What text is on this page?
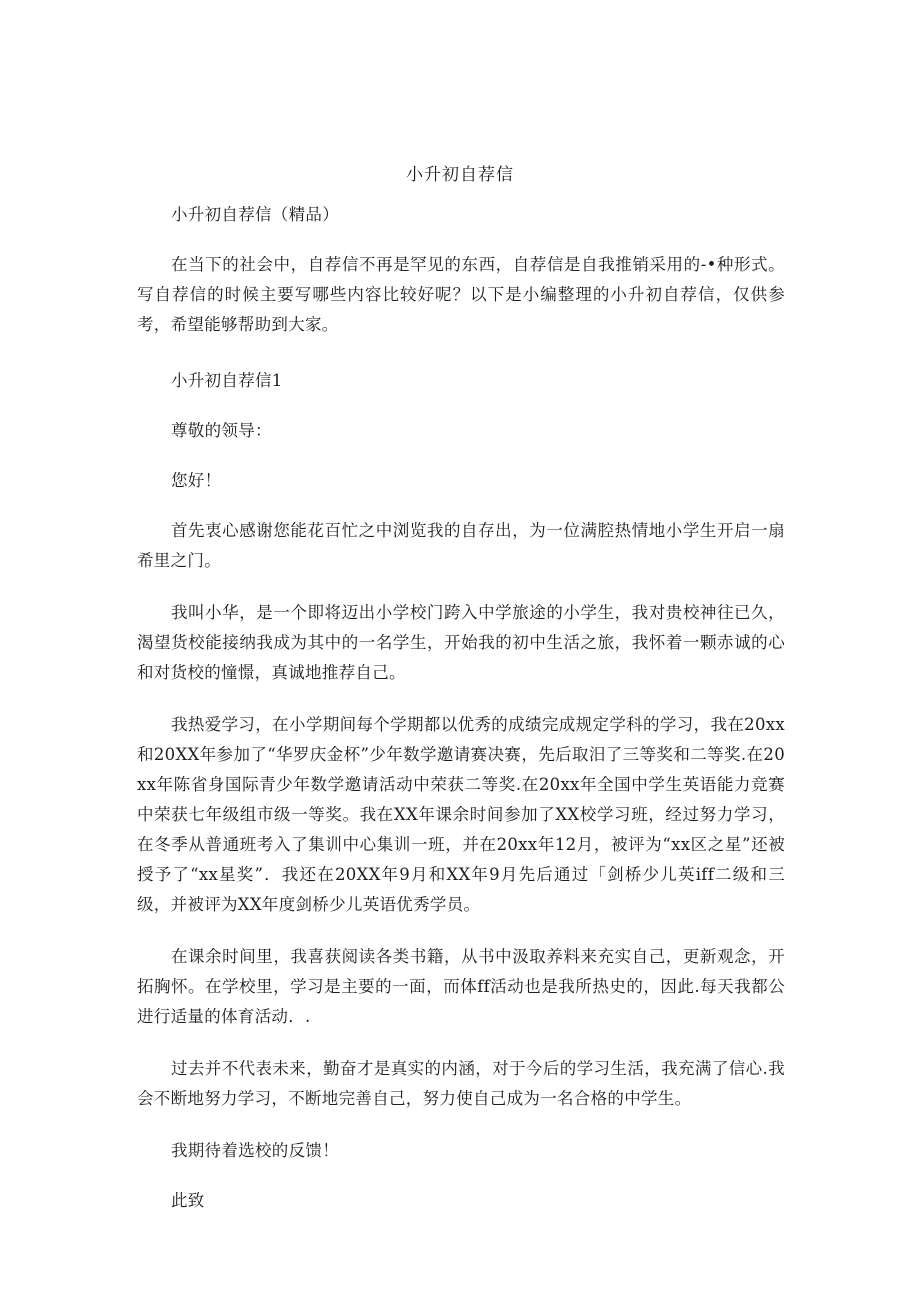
小升初自荐信

小升初自荐信（精品）

在当下的社会中，自荐信不再是罕见的东西，自荐信是自我推销采用的-•种形式。写自荐信的时候主要写哪些内容比较好呢？以下是小编整理的小升初自荐信，仅供参考，希望能够帮助到大家。

小升初自荐信1

尊敬的领导：

您好！

首先衷心感谢您能花百忙之中浏览我的自存出，为一位满腔热情地小学生开启一扇希里之门。

我叫小华，是一个即将迈出小学校门跨入中学旅途的小学生，我对贵校神往已久，渴望货校能接纳我成为其中的一名学生，开始我的初中生活之旅，我怀着一颗赤诚的心和对货校的憧憬，真诚地推荐自己。

我热爱学习，在小学期间每个学期都以优秀的成绩完成规定学科的学习，我在20xx和20XX年参加了“华罗庆金杯”少年数学邀请赛决赛，先后取汨了三等奖和二等奖.在20xx年陈省身国际青少年数学邀请活动中荣获二等奖.在20xx年全国中学生英语能力竞赛中荣获七年级组市级一等奖。我在XX年课余时间参加了XX校学习班，经过努力学习，在冬季从普通班考入了集训中心集训一班，并在20xx年12月，被评为“xx区之星”还被授予了“xx星奖”．我还在20XX年9月和XX年9月先后通过「剑桥少儿英iff二级和三级，并被评为XX年度剑桥少儿英语优秀学员。

在课余时间里，我喜获阅读各类书籍，从书中汲取养料来充实自己，更新观念，开拓胸怀。在学校里，学习是主要的一面，而体ff活动也是我所热史的，因此.每天我都公进行适量的体育活动．.

过去并不代表未来，勤奋才是真实的内涵，对于今后的学习生活，我充满了信心.我会不断地努力学习，不断地完善自己，努力使自己成为一名合格的中学生。

我期待着选校的反馈！

此致
